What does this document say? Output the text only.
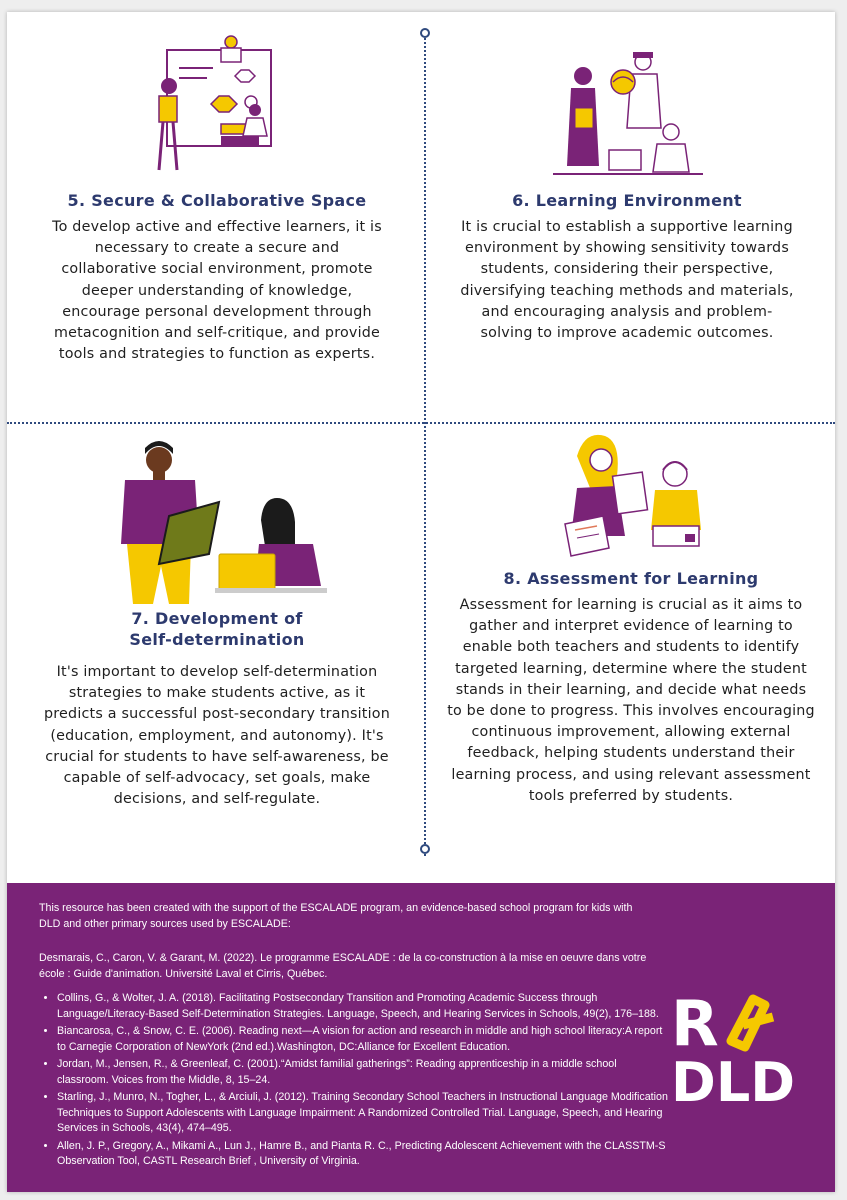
5. Secure & Collaborative Space

To develop active and effective learners, it is necessary to create a secure and collaborative social environment, promote deeper understanding of knowledge, encourage personal development through metacognition and self-critique, and provide tools and strategies to function as experts.

6. Learning Environment

It is crucial to establish a supportive learning environment by showing sensitivity towards students, considering their perspective, diversifying teaching methods and materials, and encouraging analysis and problem-solving to improve academic outcomes.

7. Development of
Self-determination

It's important to develop self-determination strategies to make students active, as it predicts a successful post-secondary transition (education, employment, and autonomy). It's crucial for students to have self-awareness, be capable of self-advocacy, set goals, make decisions, and self-regulate.

8. Assessment for Learning

Assessment for learning is crucial as it aims to gather and interpret evidence of learning to enable both teachers and students to identify targeted learning, determine where the student stands in their learning, and decide what needs to be done to progress. This involves encouraging continuous improvement, allowing external feedback, helping students understand their learning process, and using relevant assessment tools preferred by students.

This resource has been created with the support of the ESCALADE program, an evidence-based school program for kids with DLD and other primary sources used by ESCALADE:

Desmarais, C., Caron, V. & Garant, M. (2022). Le programme ESCALADE : de la co-construction à la mise en oeuvre dans votre école : Guide d'animation. Université Laval et Cirris, Québec.

• Collins, G., & Wolter, J. A. (2018). Facilitating Postsecondary Transition and Promoting Academic Success through Language/Literacy-Based Self-Determination Strategies. Language, Speech, and Hearing Services in Schools, 49(2), 176–188.
• Biancarosa, C., & Snow, C. E. (2006). Reading next—A vision for action and research in middle and high school literacy:A report to Carnegie Corporation of NewYork (2nd ed.).Washington, DC:Alliance for Excellent Education.
• Jordan, M., Jensen, R., & Greenleaf, C. (2001).“Amidst familial gatherings”: Reading apprenticeship in a middle school classroom. Voices from the Middle, 8, 15–24.
• Starling, J., Munro, N., Togher, L., & Arciuli, J. (2012). Training Secondary School Teachers in Instructional Language Modification Techniques to Support Adolescents with Language Impairment: A Randomized Controlled Trial. Language, Speech, and Hearing Services in Schools, 43(4), 474–495.
• Allen, J. P., Gregory, A., Mikami A., Lun J., Hamre B., and Pianta R. C., Predicting Adolescent Achievement with the CLASSTM-S Observation Tool, CASTL Research Brief , University of Virginia.
R
DLD
